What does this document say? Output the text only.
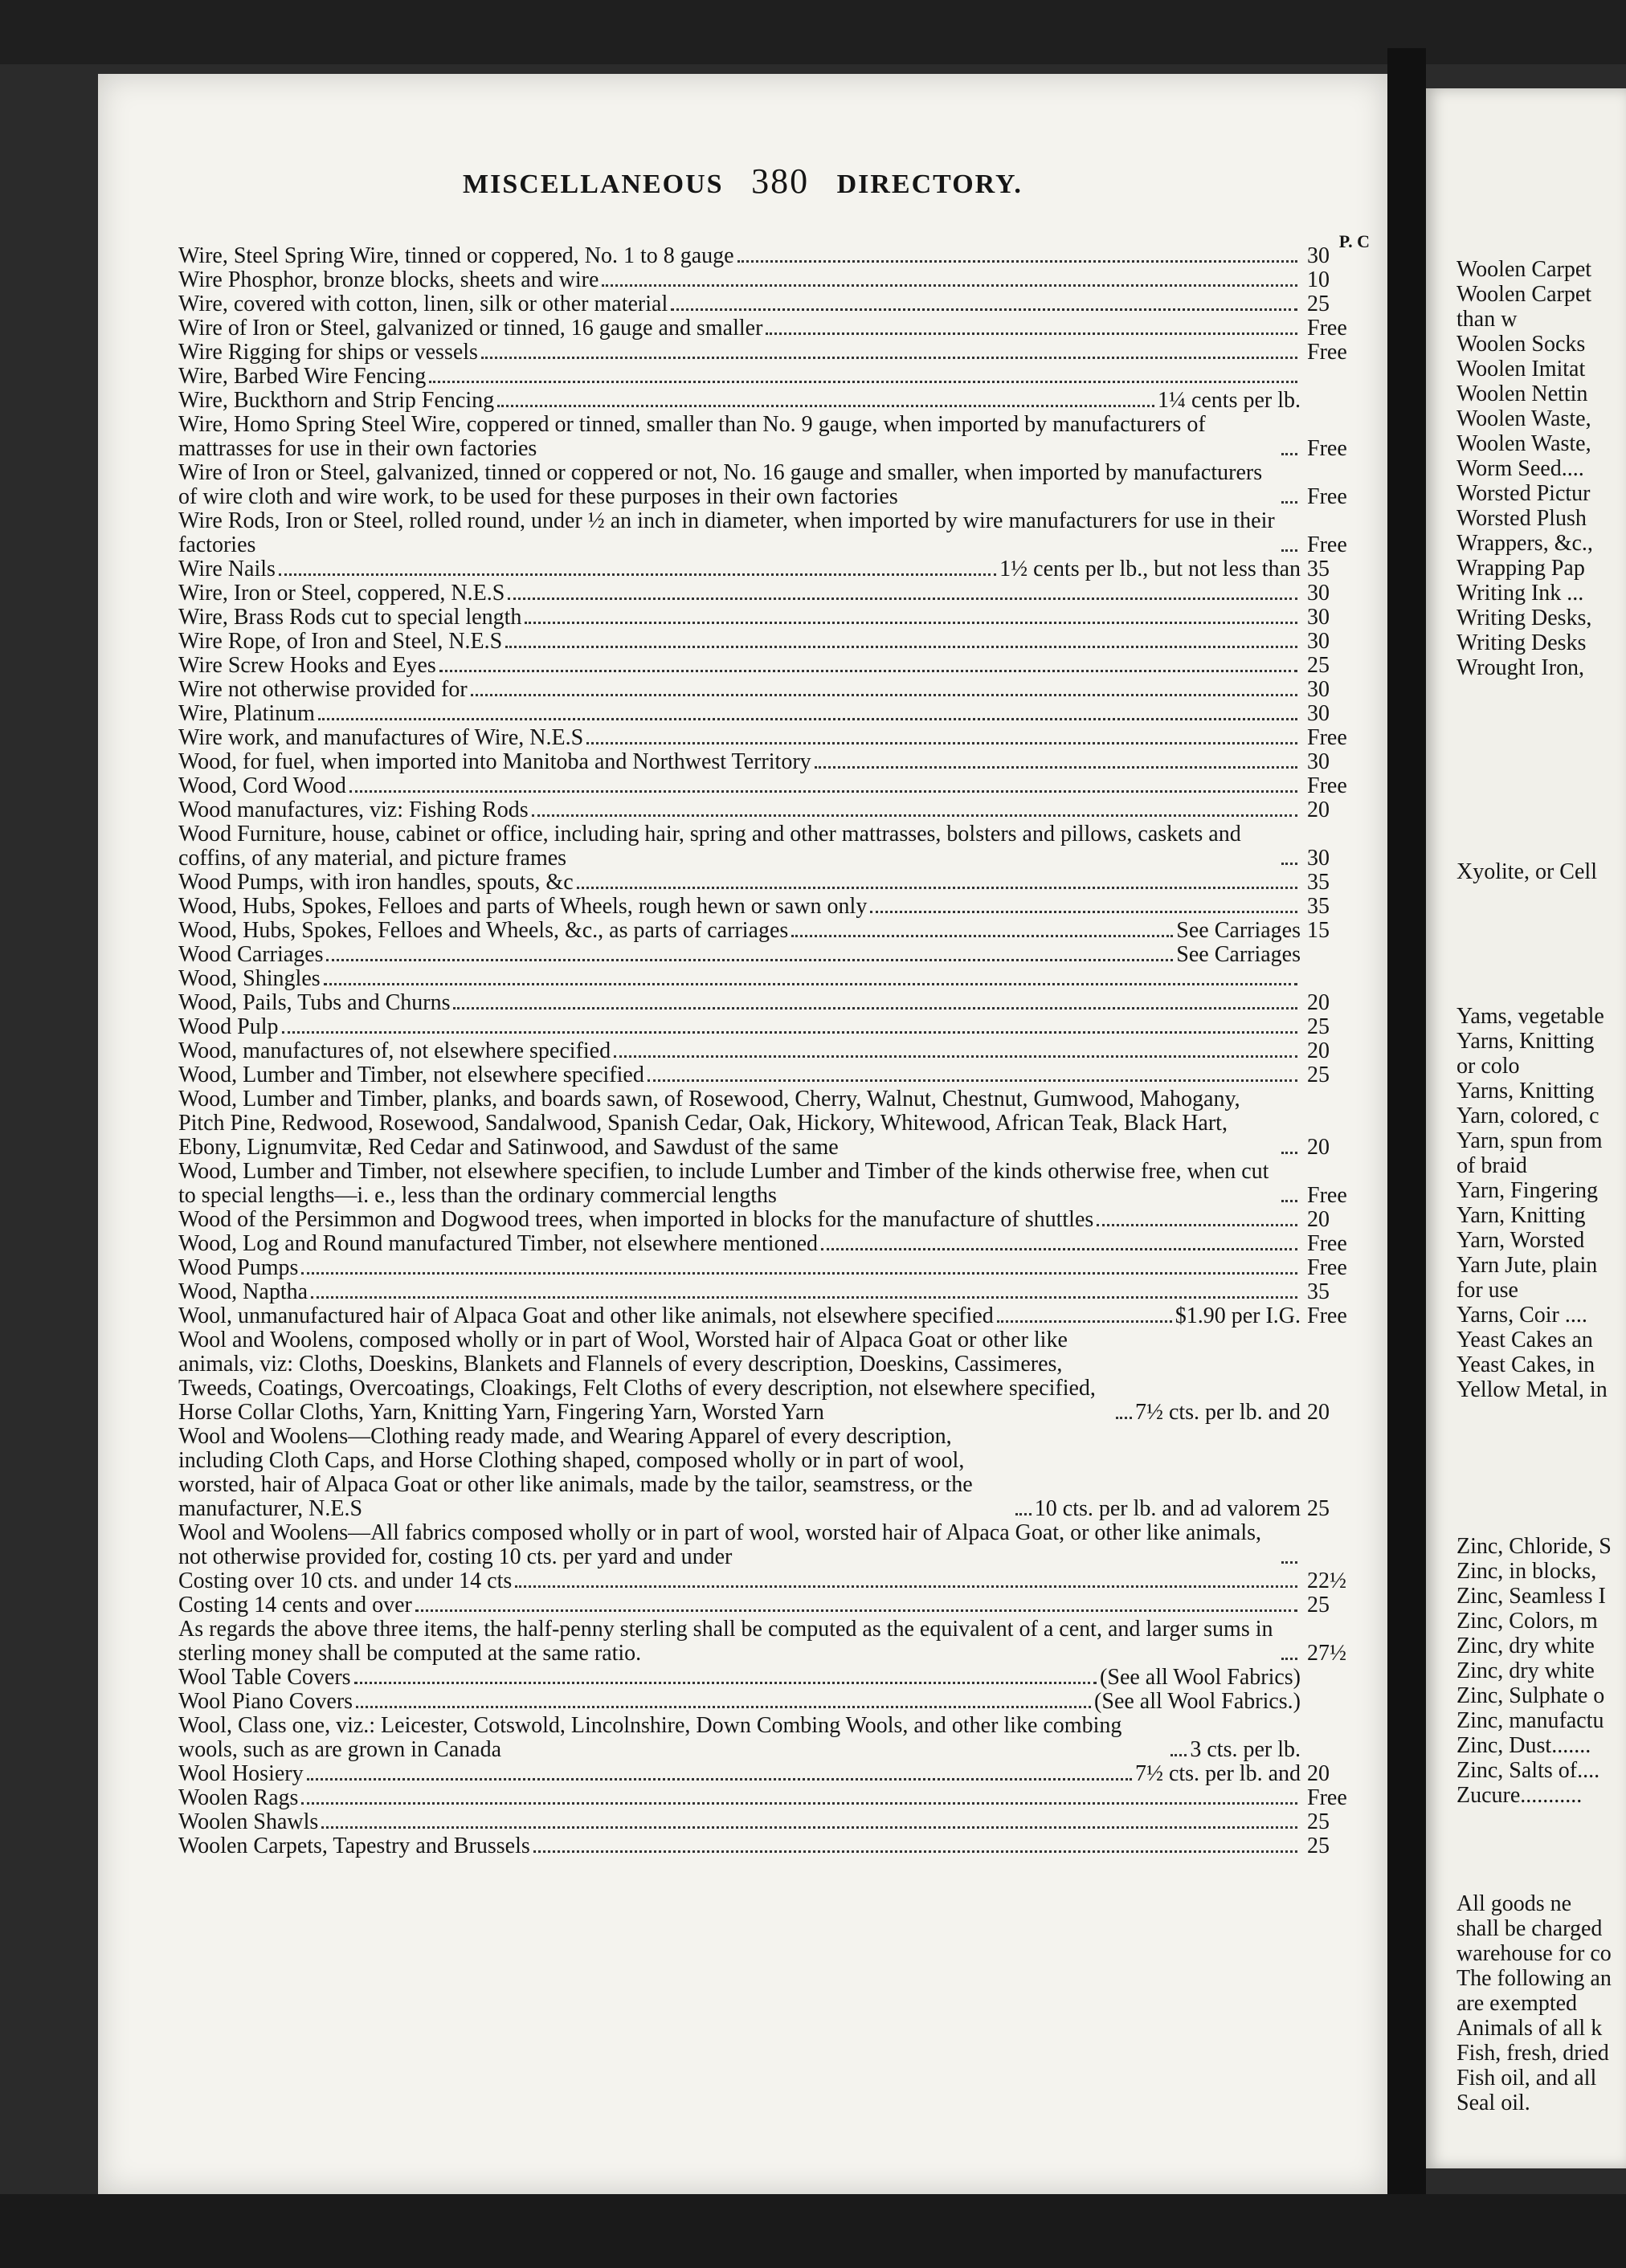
MISCELLANEOUS 380 DIRECTORY.
P. C
Wire, Steel Spring Wire, tinned or coppered, No. 1 to 8 gauge	30
Wire Phosphor, bronze blocks, sheets and wire	10
Wire, covered with cotton, linen, silk or other material	25
Wire of Iron or Steel, galvanized or tinned, 16 gauge and smaller	Free
Wire Rigging for ships or vessels	Free
Wire, Barbed Wire Fencing
Wire, Buckthorn and Strip Fencing	1¼ cents per lb.
Wire, Homo Spring Steel Wire, coppered or tinned, smaller than No. 9 gauge, when imported by manufacturers of mattrasses for use in their own factories	Free
Wire of Iron or Steel, galvanized, tinned or coppered or not, No. 16 gauge and smaller, when imported by manufacturers of wire cloth and wire work, to be used for these purposes in their own factories	Free
Wire Rods, Iron or Steel, rolled round, under ½ an inch in diameter, when imported by wire manufacturers for use in their factories	Free
Wire Nails	1½ cents per lb., but not less than 35
Wire, Iron or Steel, coppered, N.E.S	30
Wire, Brass Rods cut to special length	30
Wire Rope, of Iron and Steel, N.E.S	30
Wire Screw Hooks and Eyes	25
Wire not otherwise provided for	30
Wire, Platinum	30
Wire work, and manufactures of Wire, N.E.S	Free
Wood, for fuel, when imported into Manitoba and Northwest Territory	30
Wood, Cord Wood	Free
Wood manufactures, viz: Fishing Rods	20
Wood Furniture, house, cabinet or office, including hair, spring and other mattrasses, bolsters and pillows, caskets and coffins, of any material, and picture frames	30
Wood Pumps, with iron handles, spouts, &c	35
Wood, Hubs, Spokes, Felloes and parts of Wheels, rough hewn or sawn only	35
Wood, Hubs, Spokes, Felloes and Wheels, &c., as parts of carriages	See Carriages 15
Wood Carriages	See Carriages
Wood, Shingles
Wood, Pails, Tubs and Churns	20
Wood Pulp	25
Wood, manufactures of, not elsewhere specified	20
Wood, Lumber and Timber, not elsewhere specified	25
Wood, Lumber and Timber, planks, and boards sawn, of Rosewood, Cherry, Walnut, Chestnut, Gumwood, Mahogany, Pitch Pine, Redwood, Rosewood, Sandalwood, Spanish Cedar, Oak, Hickory, Whitewood, African Teak, Black Hart, Ebony, Lignumvitæ, Red Cedar and Satinwood, and Sawdust of the same	20
Wood, Lumber and Timber, not elsewhere specifien, to include Lumber and Timber of the kinds otherwise free, when cut to special lengths—i. e., less than the ordinary commercial lengths	Free
Wood of the Persimmon and Dogwood trees, when imported in blocks for the manufacture of shuttles	20
Wood, Log and Round manufactured Timber, not elsewhere mentioned	Free
Wood Pumps	Free
Wood, Naptha	35
Wool, unmanufactured hair of Alpaca Goat and other like animals, not elsewhere specified	$1.90 per I.G. Free
Wool and Woolens, composed wholly or in part of Wool, Worsted hair of Alpaca Goat or other like animals, viz: Cloths, Doeskins, Blankets and Flannels of every description, Doeskins, Cassimeres, Tweeds, Coatings, Overcoatings, Cloakings, Felt Cloths of every description, not elsewhere specified, Horse Collar Cloths, Yarn, Knitting Yarn, Fingering Yarn, Worsted Yarn	7½ cts. per lb. and 20
Wool and Woolens—Clothing ready made, and Wearing Apparel of every description, including Cloth Caps, and Horse Clothing shaped, composed wholly or in part of wool, worsted, hair of Alpaca Goat or other like animals, made by the tailor, seamstress, or the manufacturer, N.E.S	10 cts. per lb. and ad valorem 25
Wool and Woolens—All fabrics composed wholly or in part of wool, worsted hair of Alpaca Goat, or other like animals, not otherwise provided for, costing 10 cts. per yard and under
Costing over 10 cts. and under 14 cts	22½
Costing 14 cents and over	25
As regards the above three items, the half-penny sterling shall be computed as the equivalent of a cent, and larger sums in sterling money shall be computed at the same ratio.	27½
Wool Table Covers	(See all Wool Fabrics)
Wool Piano Covers	(See all Wool Fabrics.)
Wool, Class one, viz.: Leicester, Cotswold, Lincolnshire, Down Combing Wools, and other like combing wools, such as are grown in Canada	3 cts. per lb.
Wool Hosiery	7½ cts. per lb. and 20
Woolen Rags	Free
Woolen Shawls	25
Woolen Carpets, Tapestry and Brussels	25
Woolen Carpet
Woolen Carpet
than w
Woolen Socks
Woolen Imitat
Woolen Nettin
Woolen Waste,
Woolen Waste,
Worm Seed....
Worsted Pictur
Worsted Plush
Wrappers, &c.,
Wrapping Pap
Writing Ink ...
Writing Desks,
Writing Desks
Wrought Iron,
Xyolite, or Cell
Yams, vegetable
Yarns, Knitting
or colo
Yarns, Knitting
Yarn, colored, c
Yarn, spun from
of braid
Yarn, Fingering
Yarn, Knitting
Yarn, Worsted
Yarn Jute, plain
for use
Yarns, Coir ....
Yeast Cakes an
Yeast Cakes, in
Yellow Metal, in
Zinc, Chloride, S
Zinc, in blocks,
Zinc, Seamless I
Zinc, Colors, m
Zinc, dry white
Zinc, dry white
Zinc, Sulphate o
Zinc, manufactu
Zinc, Dust.......
Zinc, Salts of....
Zucure...........
All goods ne
shall be charged
warehouse for co
The following an
are exempted
Animals of all k
Fish, fresh, dried
Fish oil, and all
Seal oil.
